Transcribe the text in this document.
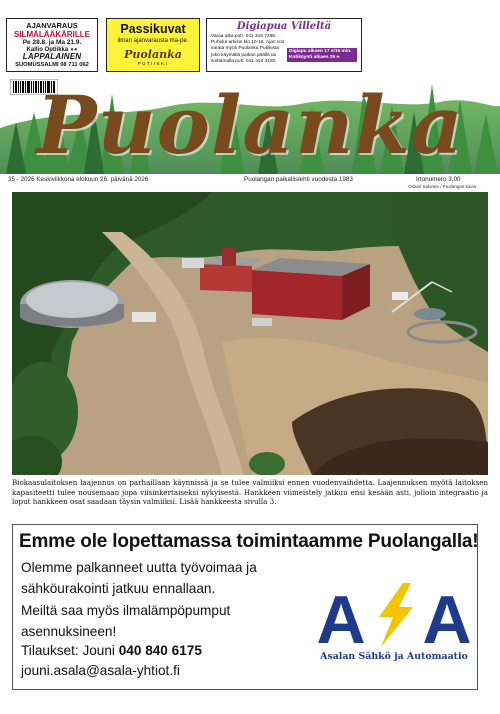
AJANVARAUS
SILMÄLÄÄKÄRILLE
Pe 28.8. ja Ma 21.9.
Kallio Optiikka ●●
LAPPALAINEN
SUOMUSSALMI 08 711 062
Passikuvat
ilman ajanvarausta ma-pe.
Puolanka
PUTIIKKI
Digiapua Villeltä
Varaa aika puh. 041 319 7286. Puhelut arkisin klo 10-16. Ajan voit varata myös Puolanka Putiikista joko käymällä paikan päällä tai soittamalla puh. 041 310 4182.
Digiapu alkaen 17 e/15 min. Kotikäynti alkaen 25 e.
Puolanka
35 - 2026 Keskiviikkona elokuun 26. päivänä 2026	Puolangan paikallislehti vuodesta 1983	Irtonumero 3,00
Oskari Salonen / Puolangan kuvia
Biokaasulaitoksen laajennus on parhaillaan käynnissä ja se tulee valmiiksi ennen vuodenvaihdetta. Laajennuksen myötä laitoksen kapasiteetti tulee nousemaan jopa viisinkertaiseksi nykyisestä. Hankkeen viimeistely jatkuu ensi kesään asti, jolloin integraatio ja loput hankkeen osat saadaan täysin valmiiksi. Lisää hankkeesta sivulla 3.
Emme ole lopettamassa toimintaamme Puolangalla!
Olemme palkanneet uutta työvoimaa ja
sähköurakointi jatkuu ennallaan.
Meiltä saa myös ilmalämpöpumput
asennuksineen!
Tilaukset: Jouni 040 840 6175
jouni.asala@asala-yhtiot.fi
A A
Asalan Sähkö ja Automaatio
